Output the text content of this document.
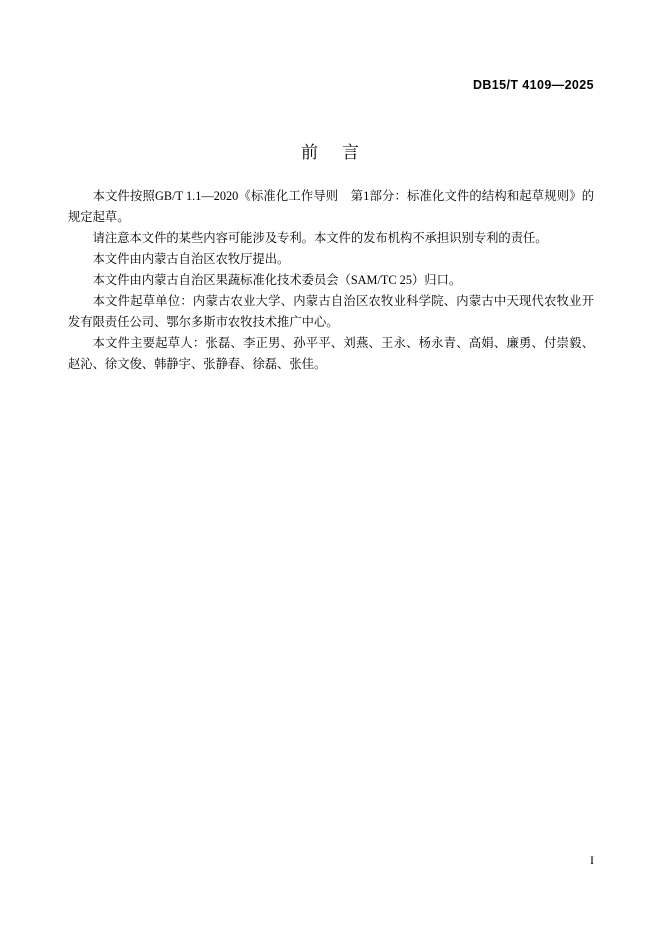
DB15/T 4109—2025
前 言

本文件按照GB/T 1.1—2020《标准化工作导则　第1部分：标准化文件的结构和起草规则》的规定起草。

请注意本文件的某些内容可能涉及专利。本文件的发布机构不承担识别专利的责任。

本文件由内蒙古自治区农牧厅提出。

本文件由内蒙古自治区果蔬标准化技术委员会（SAM/TC 25）归口。

本文件起草单位：内蒙古农业大学、内蒙古自治区农牧业科学院、内蒙古中天现代农牧业开发有限责任公司、鄂尔多斯市农牧技术推广中心。

本文件主要起草人：张磊、李正男、孙平平、刘燕、王永、杨永青、高娟、廉勇、付崇毅、赵沁、徐文俊、韩静宇、张静春、徐磊、张佳。

I
